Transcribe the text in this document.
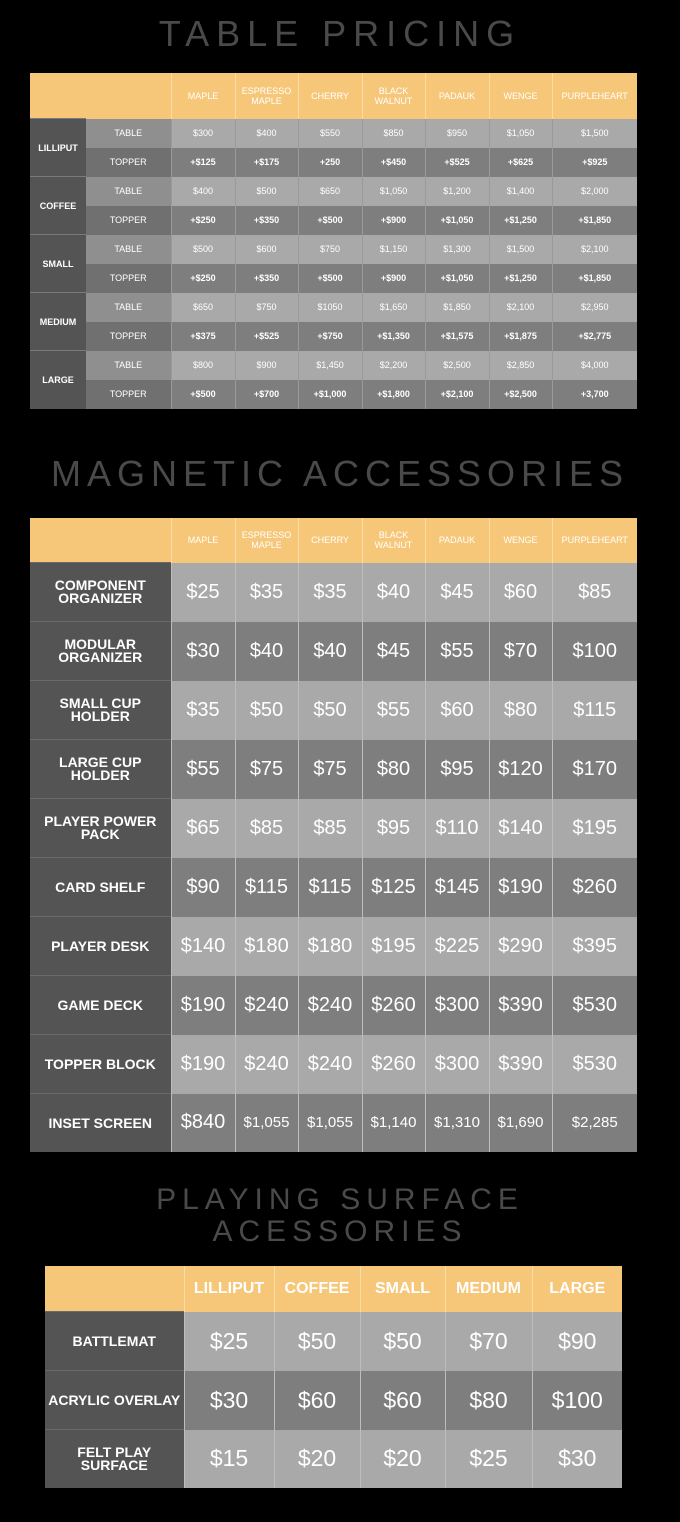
TABLE PRICING
		MAPLE	ESPRESSO MAPLE	CHERRY	BLACK WALNUT	PADAUK	WENGE	PURPLEHEART
LILLIPUT	TABLE	$300	$400	$550	$850	$950	$1,050	$1,500
	TOPPER	+$125	+$175	+250	+$450	+$525	+$625	+$925
COFFEE	TABLE	$400	$500	$650	$1,050	$1,200	$1,400	$2,000
	TOPPER	+$250	+$350	+$500	+$900	+$1,050	+$1,250	+$1,850
SMALL	TABLE	$500	$600	$750	$1,150	$1,300	$1,500	$2,100
	TOPPER	+$250	+$350	+$500	+$900	+$1,050	+$1,250	+$1,850
MEDIUM	TABLE	$650	$750	$1050	$1,650	$1,850	$2,100	$2,950
	TOPPER	+$375	+$525	+$750	+$1,350	+$1,575	+$1,875	+$2,775
LARGE	TABLE	$800	$900	$1,450	$2,200	$2,500	$2,850	$4,000
	TOPPER	+$500	+$700	+$1,000	+$1,800	+$2,100	+$2,500	+3,700
MAGNETIC ACCESSORIES
	MAPLE	ESPRESSO MAPLE	CHERRY	BLACK WALNUT	PADAUK	WENGE	PURPLEHEART
COMPONENT ORGANIZER	$25	$35	$35	$40	$45	$60	$85
MODULAR ORGANIZER	$30	$40	$40	$45	$55	$70	$100
SMALL CUP HOLDER	$35	$50	$50	$55	$60	$80	$115
LARGE CUP HOLDER	$55	$75	$75	$80	$95	$120	$170
PLAYER POWER PACK	$65	$85	$85	$95	$110	$140	$195
CARD SHELF	$90	$115	$115	$125	$145	$190	$260
PLAYER DESK	$140	$180	$180	$195	$225	$290	$395
GAME DECK	$190	$240	$240	$260	$300	$390	$530
TOPPER BLOCK	$190	$240	$240	$260	$300	$390	$530
INSET SCREEN	$840	$1,055	$1,055	$1,140	$1,310	$1,690	$2,285
PLAYING SURFACE
ACESSORIES
	LILLIPUT	COFFEE	SMALL	MEDIUM	LARGE
BATTLEMAT	$25	$50	$50	$70	$90
ACRYLIC OVERLAY	$30	$60	$60	$80	$100
FELT PLAY SURFACE	$15	$20	$20	$25	$30
